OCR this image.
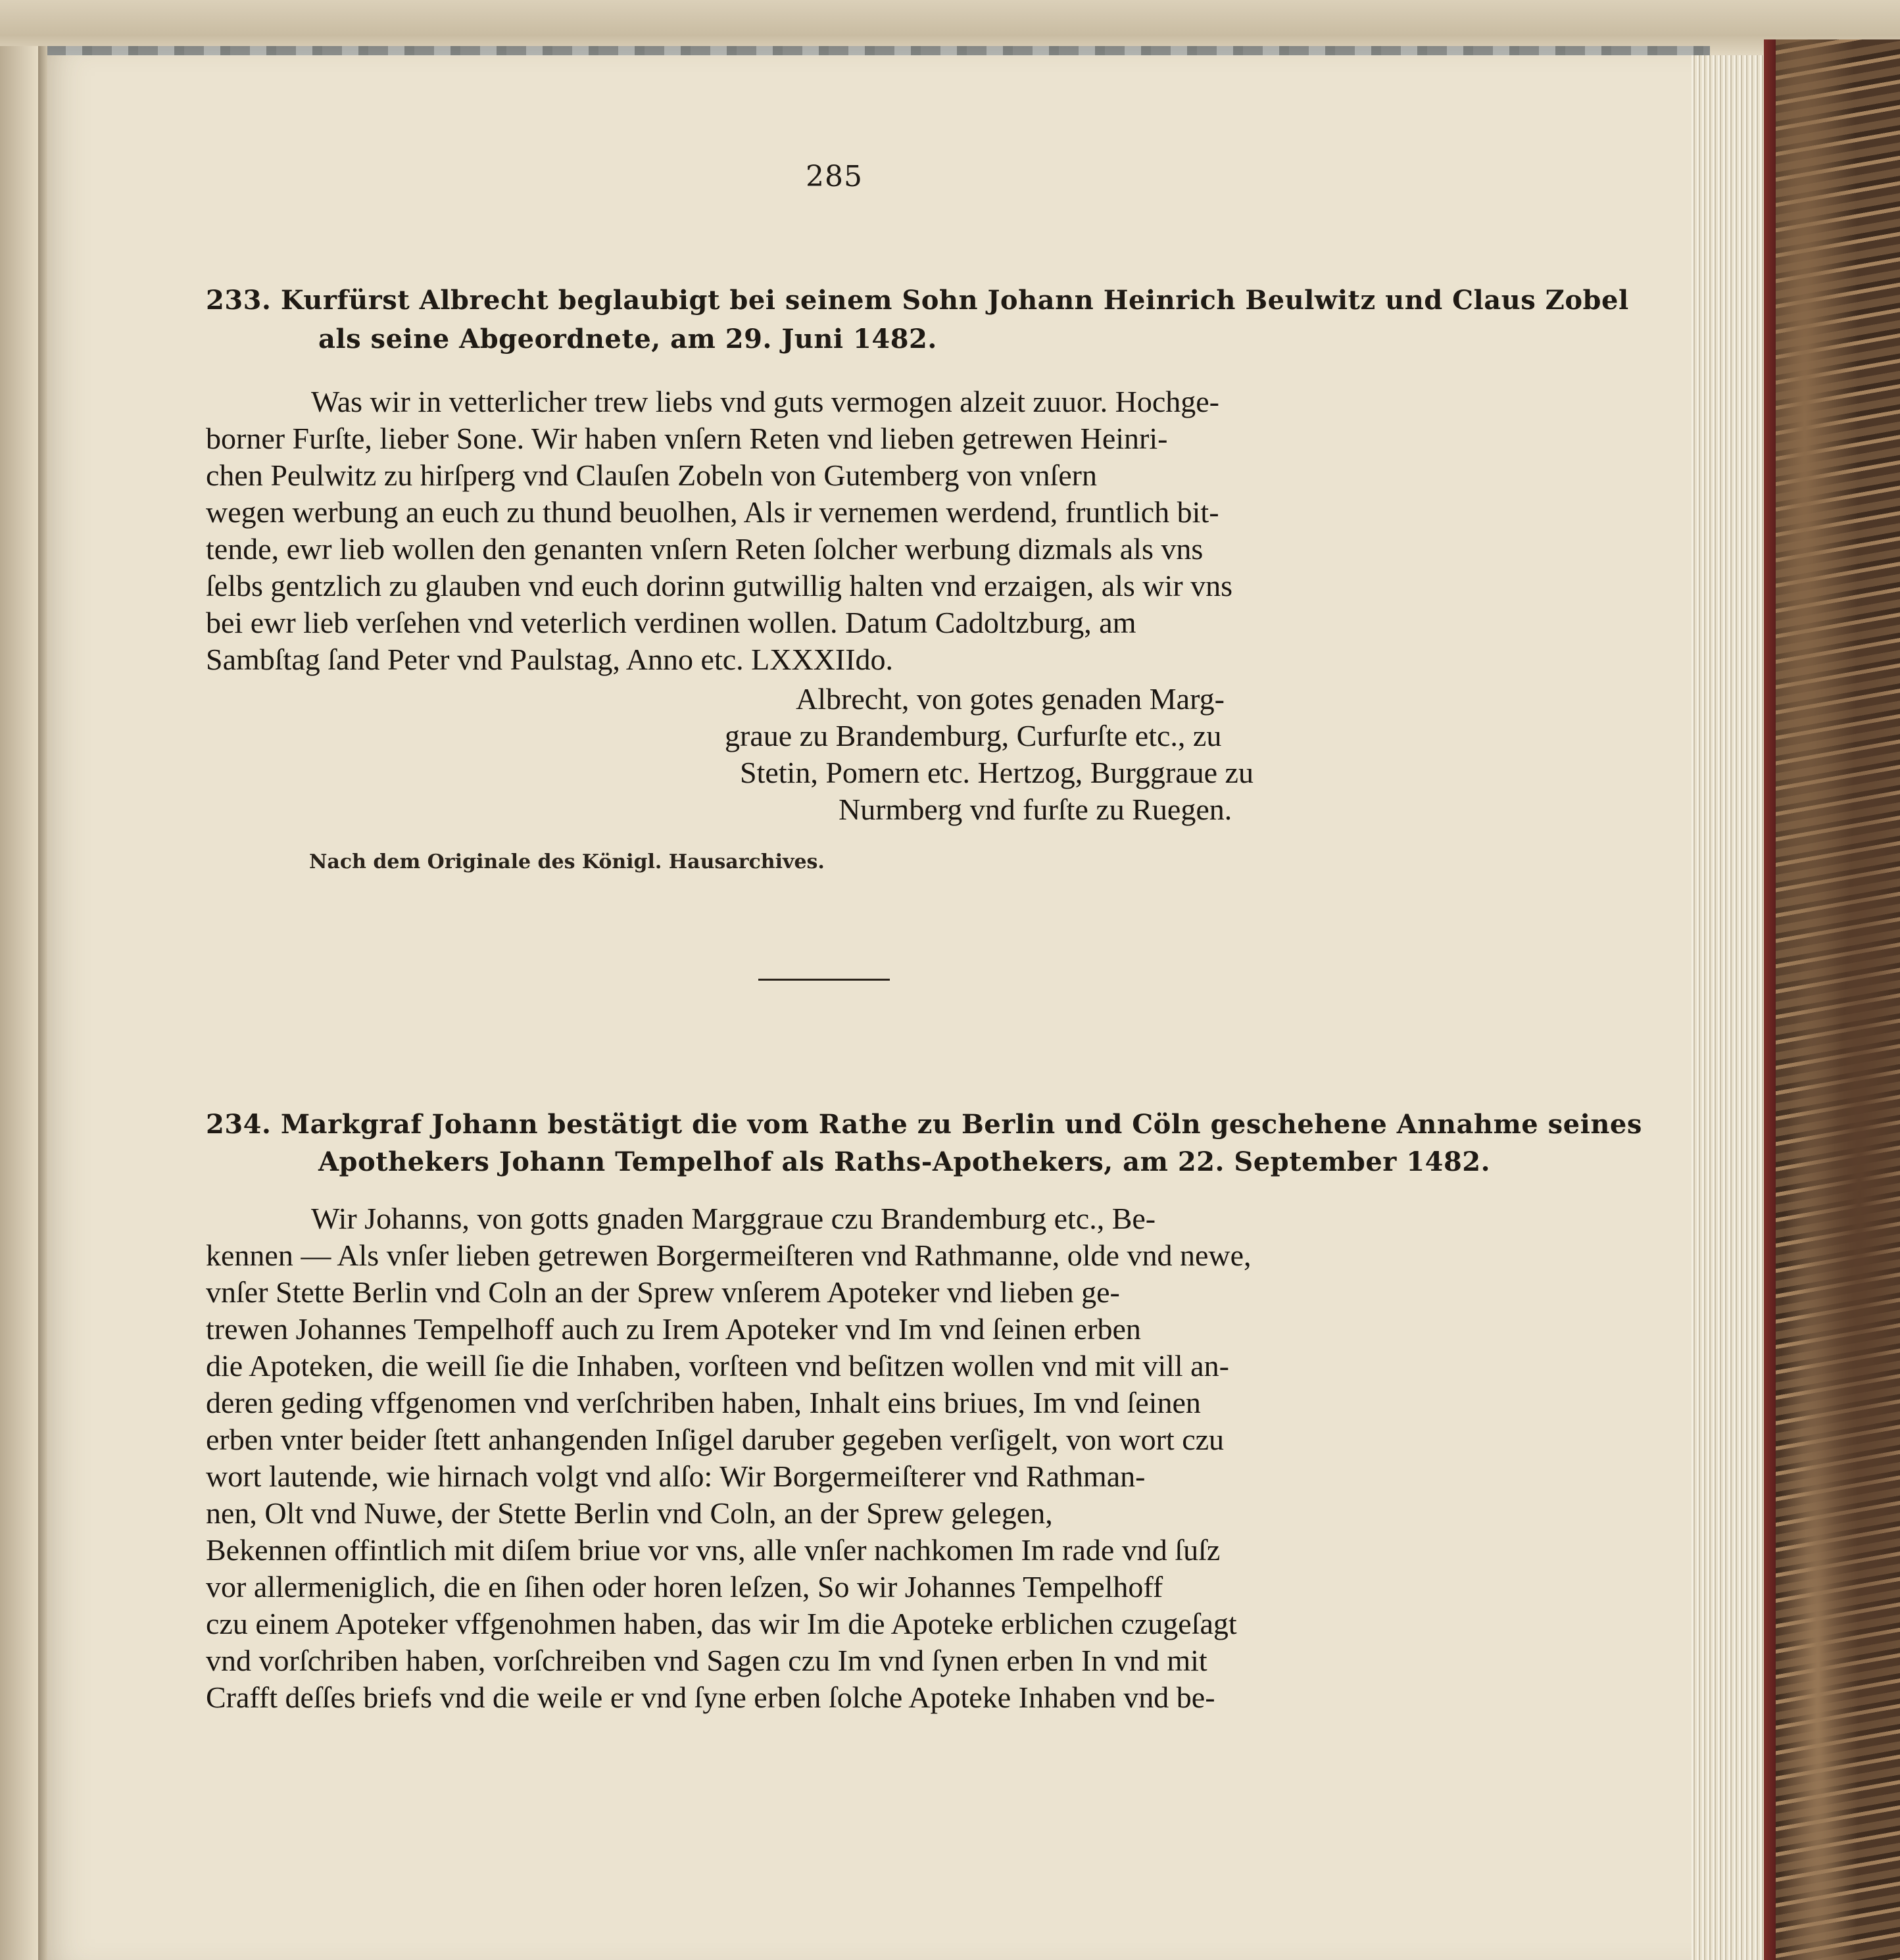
285
233. Kurfürst Albrecht beglaubigt bei seinem Sohn Johann Heinrich Beulwitz und Claus Zobel
als seine Abgeordnete, am 29. Juni 1482.
Was wir in vetterlicher trew liebs vnd guts vermogen alzeit zuuor. Hochge-
borner Furſte, lieber Sone. Wir haben vnſern Reten vnd lieben getrewen Heinri-
chen Peulwitz zu hirſperg vnd Clauſen Zobeln von Gutemberg von vnſern
wegen werbung an euch zu thund beuolhen, Als ir vernemen werdend, fruntlich bit-
tende, ewr lieb wollen den genanten vnſern Reten ſolcher werbung dizmals als vns
ſelbs gentzlich zu glauben vnd euch dorinn gutwillig halten vnd erzaigen, als wir vns
bei ewr lieb verſehen vnd veterlich verdinen wollen. Datum Cadoltzburg, am
Sambſtag ſand Peter vnd Paulstag, Anno etc. LXXXIIdo.
Albrecht, von gotes genaden Marg-
graue zu Brandemburg, Curfurſte etc., zu
Stetin, Pomern etc. Hertzog, Burggraue zu
Nurmberg vnd furſte zu Ruegen.
Nach dem Originale des Königl. Hausarchives.
234. Markgraf Johann bestätigt die vom Rathe zu Berlin und Cöln geschehene Annahme seines
Apothekers Johann Tempelhof als Raths-Apothekers, am 22. September 1482.
Wir Johanns, von gotts gnaden Marggraue czu Brandemburg etc., Be-
kennen — Als vnſer lieben getrewen Borgermeiſteren vnd Rathmanne, olde vnd newe,
vnſer Stette Berlin vnd Coln an der Sprew vnſerem Apoteker vnd lieben ge-
trewen Johannes Tempelhoff auch zu Irem Apoteker vnd Im vnd ſeinen erben
die Apoteken, die weill ſie die Inhaben, vorſteen vnd beſitzen wollen vnd mit vill an-
deren geding vffgenomen vnd verſchriben haben, Inhalt eins briues, Im vnd ſeinen
erben vnter beider ſtett anhangenden Inſigel daruber gegeben verſigelt, von wort czu
wort lautende, wie hirnach volgt vnd alſo: Wir Borgermeiſterer vnd Rathman-
nen, Olt vnd Nuwe, der Stette Berlin vnd Coln, an der Sprew gelegen,
Bekennen offintlich mit diſem briue vor vns, alle vnſer nachkomen Im rade vnd ſuſz
vor allermeniglich, die en ſihen oder horen leſzen, So wir Johannes Tempelhoff
czu einem Apoteker vffgenohmen haben, das wir Im die Apoteke erblichen czugeſagt
vnd vorſchriben haben, vorſchreiben vnd Sagen czu Im vnd ſynen erben In vnd mit
Crafft deſſes briefs vnd die weile er vnd ſyne erben ſolche Apoteke Inhaben vnd be-
